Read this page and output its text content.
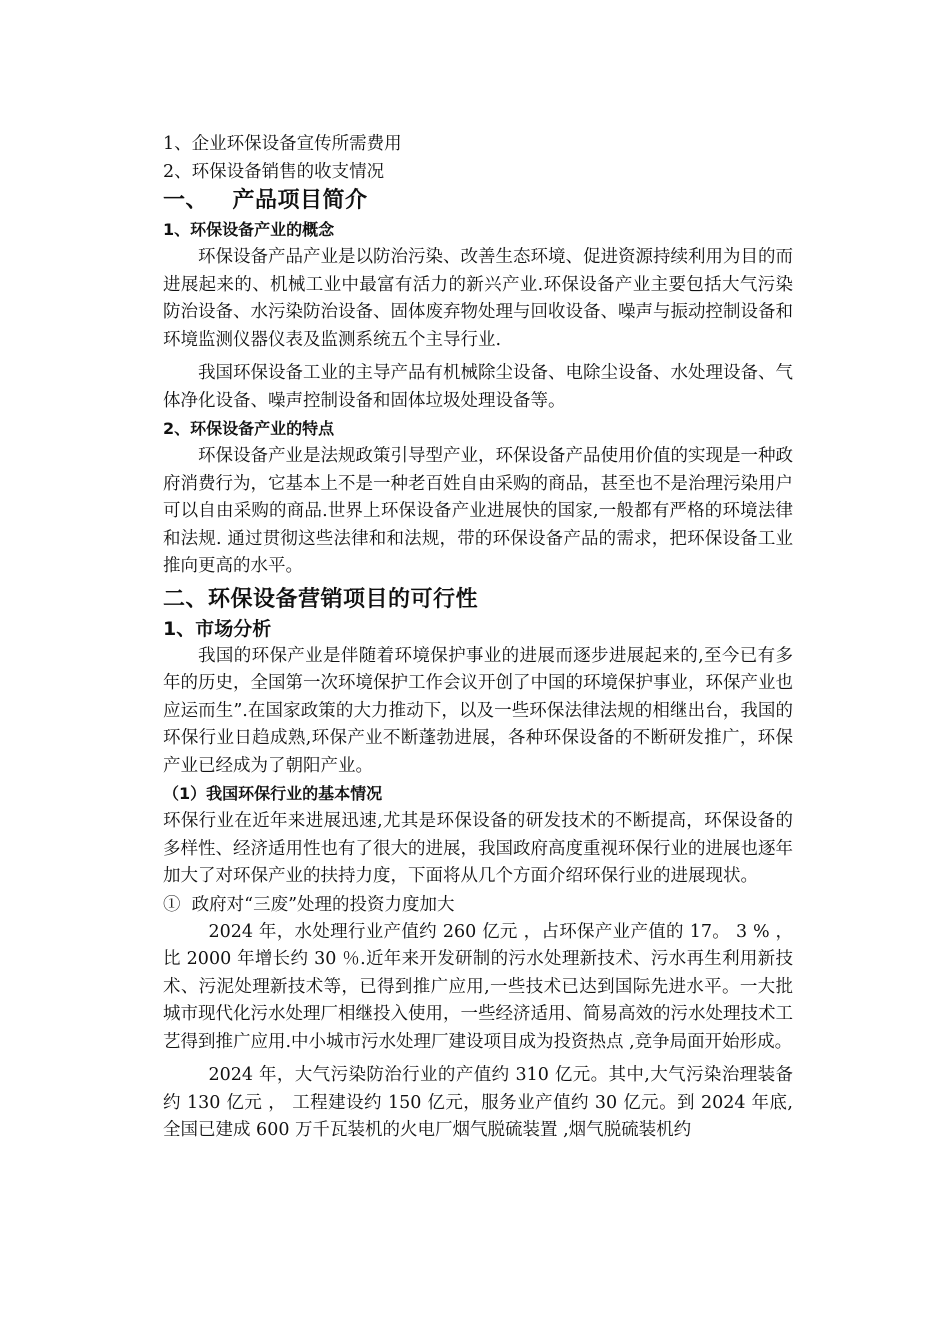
1、企业环保设备宣传所需费用

2、环保设备销售的收支情况

一、   产品项目简介

1、环保设备产业的概念

环保设备产品产业是以防治污染、改善生态环境、促进资源持续利用为目的而进展起来的、机械工业中最富有活力的新兴产业.环保设备产业主要包括大气污染防治设备、水污染防治设备、固体废弃物处理与回收设备、噪声与振动控制设备和环境监测仪器仪表及监测系统五个主导行业.

我国环保设备工业的主导产品有机械除尘设备、电除尘设备、水处理设备、气体净化设备、噪声控制设备和固体垃圾处理设备等。

2、环保设备产业的特点

环保设备产业是法规政策引导型产业，环保设备产品使用价值的实现是一种政府消费行为，它基本上不是一种老百姓自由采购的商品，甚至也不是治理污染用户可以自由采购的商品.世界上环保设备产业进展快的国家,一般都有严格的环境法律和法规. 通过贯彻这些法律和和法规，带的环保设备产品的需求，把环保设备工业推向更高的水平。

二、环保设备营销项目的可行性

1、市场分析

我国的环保产业是伴随着环境保护事业的进展而逐步进展起来的,至今已有多年的历史，全国第一次环境保护工作会议开创了中国的环境保护事业，环保产业也应运而生”.在国家政策的大力推动下，以及一些环保法律法规的相继出台，我国的环保行业日趋成熟,环保产业不断蓬勃进展，各种环保设备的不断研发推广，环保产业已经成为了朝阳产业。

（1）我国环保行业的基本情况

环保行业在近年来进展迅速,尤其是环保设备的研发技术的不断提高，环保设备的多样性、经济适用性也有了很大的进展，我国政府高度重视环保行业的进展也逐年加大了对环保产业的扶持力度，下面将从几个方面介绍环保行业的进展现状。

①  政府对“三废”处理的投资力度加大

2024 年，水处理行业产值约 260 亿元 ，占环保产业产值的 17。 3 % ，比 2000 年增长约 30 ％.近年来开发研制的污水处理新技术、污水再生利用新技术、污泥处理新技术等，已得到推广应用,一些技术已达到国际先进水平。一大批城市现代化污水处理厂相继投入使用，一些经济适用、简易高效的污水处理技术工艺得到推广应用.中小城市污水处理厂建设项目成为投资热点 ,竞争局面开始形成。

2024 年，大气污染防治行业的产值约 310 亿元。其中,大气污染治理装备约 130 亿元 ， 工程建设约 150 亿元，服务业产值约 30 亿元。到 2024 年底,全国已建成 600 万千瓦装机的火电厂烟气脱硫装置 ,烟气脱硫装机约
